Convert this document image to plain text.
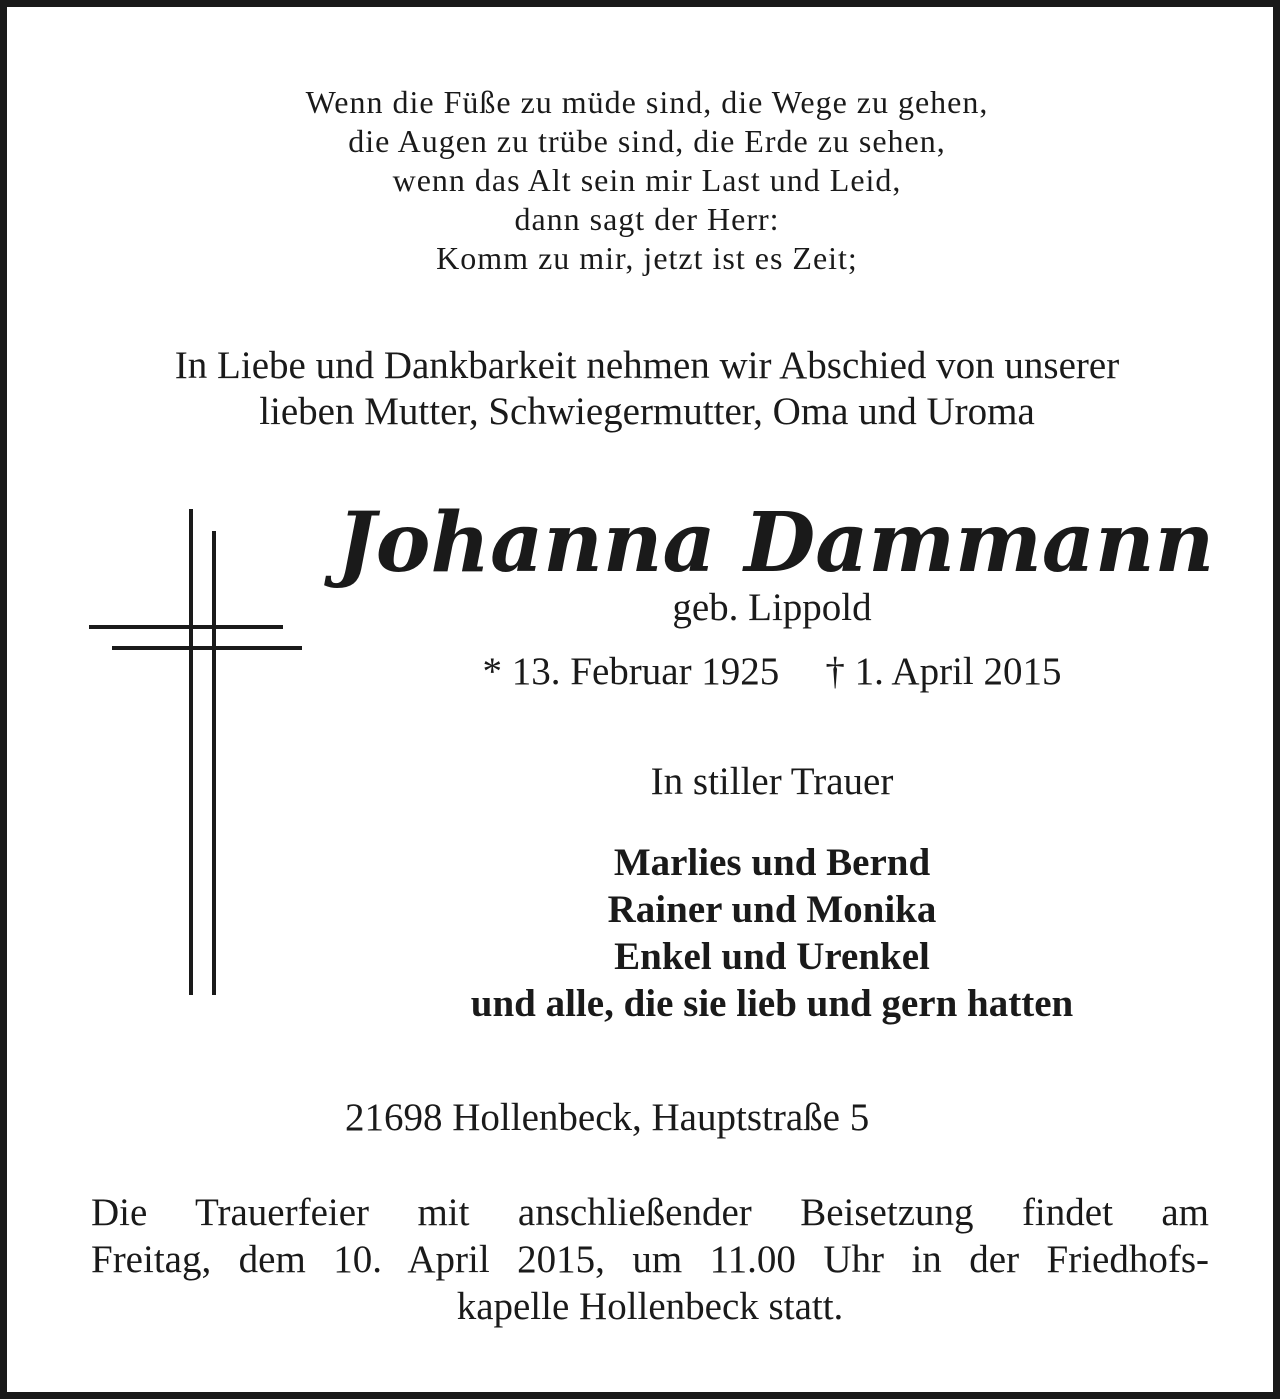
Wenn die Füße zu müde sind, die Wege zu gehen,
die Augen zu trübe sind, die Erde zu sehen,
wenn das Alt sein mir Last und Leid,
dann sagt der Herr:
Komm zu mir, jetzt ist es Zeit;
In Liebe und Dankbarkeit nehmen wir Abschied von unserer
lieben Mutter, Schwiegermutter, Oma und Uroma
Johanna Dammann
geb. Lippold
* 13. Februar 1925 † 1. April 2015
In stiller Trauer
Marlies und Bernd
Rainer und Monika
Enkel und Urenkel
und alle, die sie lieb und gern hatten
21698 Hollenbeck, Hauptstraße 5
Die Trauerfeier mit anschließender Beisetzung findet am
Freitag, dem 10. April 2015, um 11.00 Uhr in der Friedhofs-
kapelle Hollenbeck statt.
